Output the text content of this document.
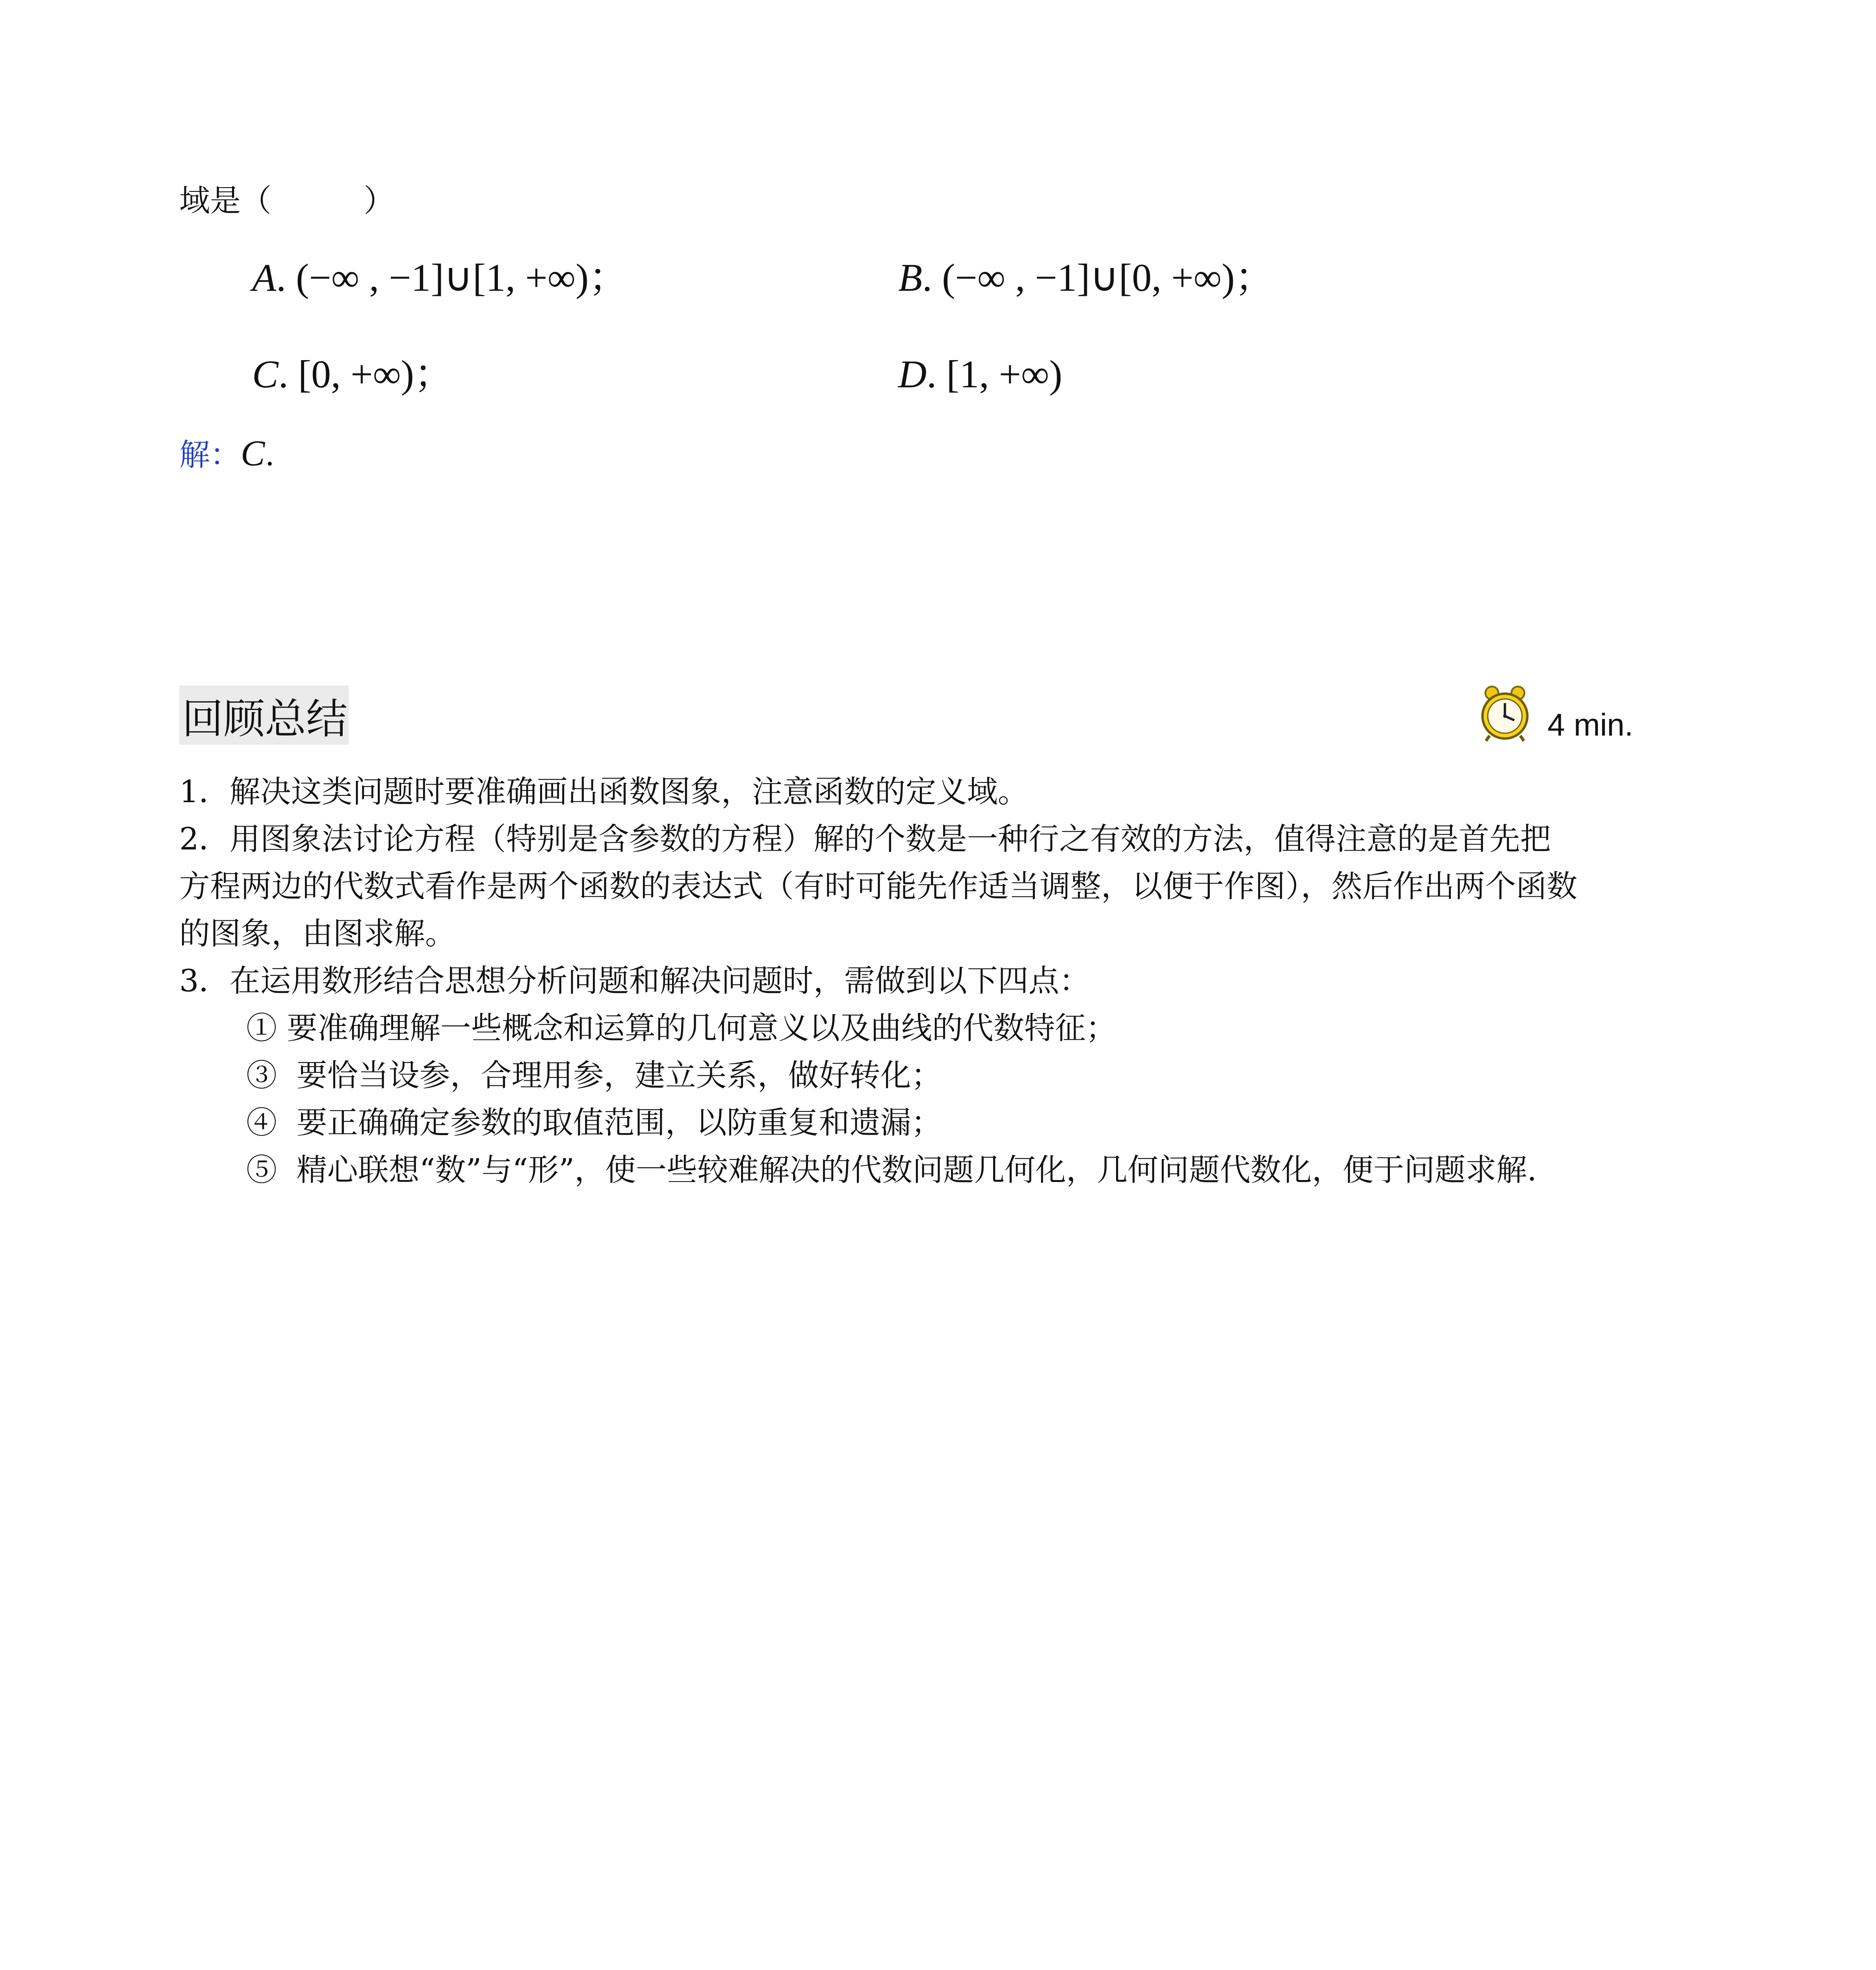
域是（　　　）
A. (−∞ , −1]∪[1, +∞)；	B. (−∞ , −1]∪[0, +∞)；
C. [0, +∞)；	D. [1, +∞)
解：C.
回顾总结	4 min.
1．解决这类问题时要准确画出函数图象，注意函数的定义域。
2．用图象法讨论方程（特别是含参数的方程）解的个数是一种行之有效的方法，值得注意的是首先把
方程两边的代数式看作是两个函数的表达式（有时可能先作适当调整，以便于作图），然后作出两个函数
的图象，由图求解。
3．在运用数形结合思想分析问题和解决问题时，需做到以下四点：
① 要准确理解一些概念和运算的几何意义以及曲线的代数特征；
③ 要恰当设参，合理用参，建立关系，做好转化；
④ 要正确确定参数的取值范围，以防重复和遗漏；
⑤ 精心联想“数”与“形”，使一些较难解决的代数问题几何化，几何问题代数化，便于问题求解.
